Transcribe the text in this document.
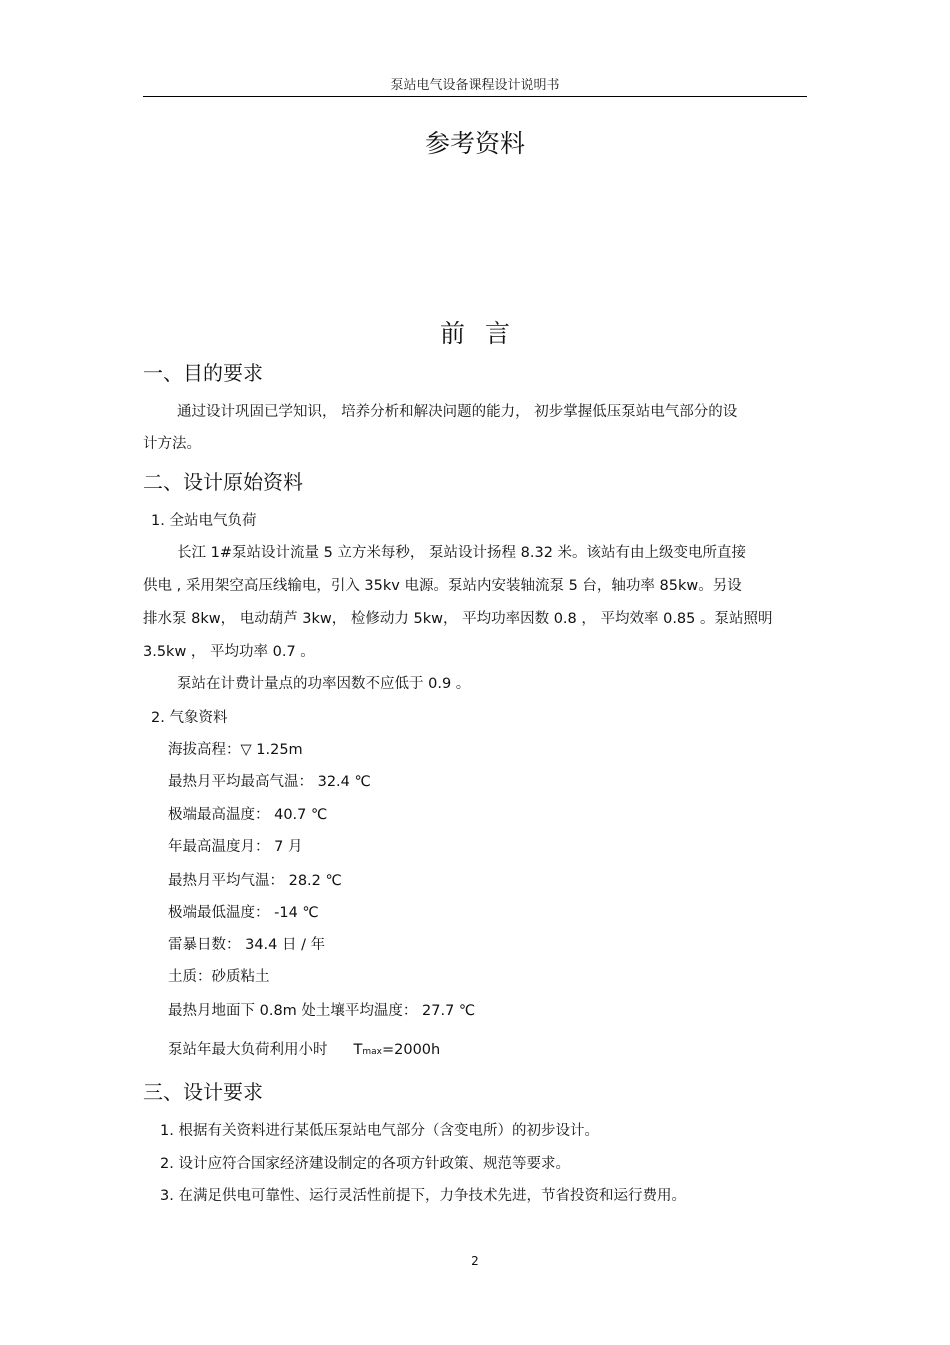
泵站电气设备课程设计说明书
参考资料
前言
一、目的要求
通过设计巩固已学知识， 培养分析和解决问题的能力， 初步掌握低压泵站电气部分的设
计方法。
二、设计原始资料
1. 全站电气负荷
长江 1#泵站设计流量 5 立方米每秒， 泵站设计扬程 8.32 米。该站有由上级变电所直接
供电 , 采用架空高压线输电，引入 35kv 电源。泵站内安装轴流泵 5 台，轴功率 85kw。另设
排水泵 8kw， 电动葫芦 3kw， 检修动力 5kw， 平均功率因数 0.8 ， 平均效率 0.85 。泵站照明
3.5kw ， 平均功率 0.7 。
泵站在计费计量点的功率因数不应低于 0.9 。
2. 气象资料
海拔高程：▽ 1.25m
最热月平均最高气温： 32.4 ℃
极端最高温度： 40.7 ℃
年最高温度月： 7 月
最热月平均气温： 28.2 ℃
极端最低温度： -14 ℃
雷暴日数： 34.4 日 / 年
土质：砂质粘土
最热月地面下 0.8m 处土壤平均温度： 27.7 ℃
泵站年最大负荷利用小时 Tmax=2000h
三、设计要求
1. 根据有关资料进行某低压泵站电气部分（含变电所）的初步设计。
2. 设计应符合国家经济建设制定的各项方针政策、规范等要求。
3. 在满足供电可靠性、运行灵活性前提下，力争技术先进，节省投资和运行费用。
2
